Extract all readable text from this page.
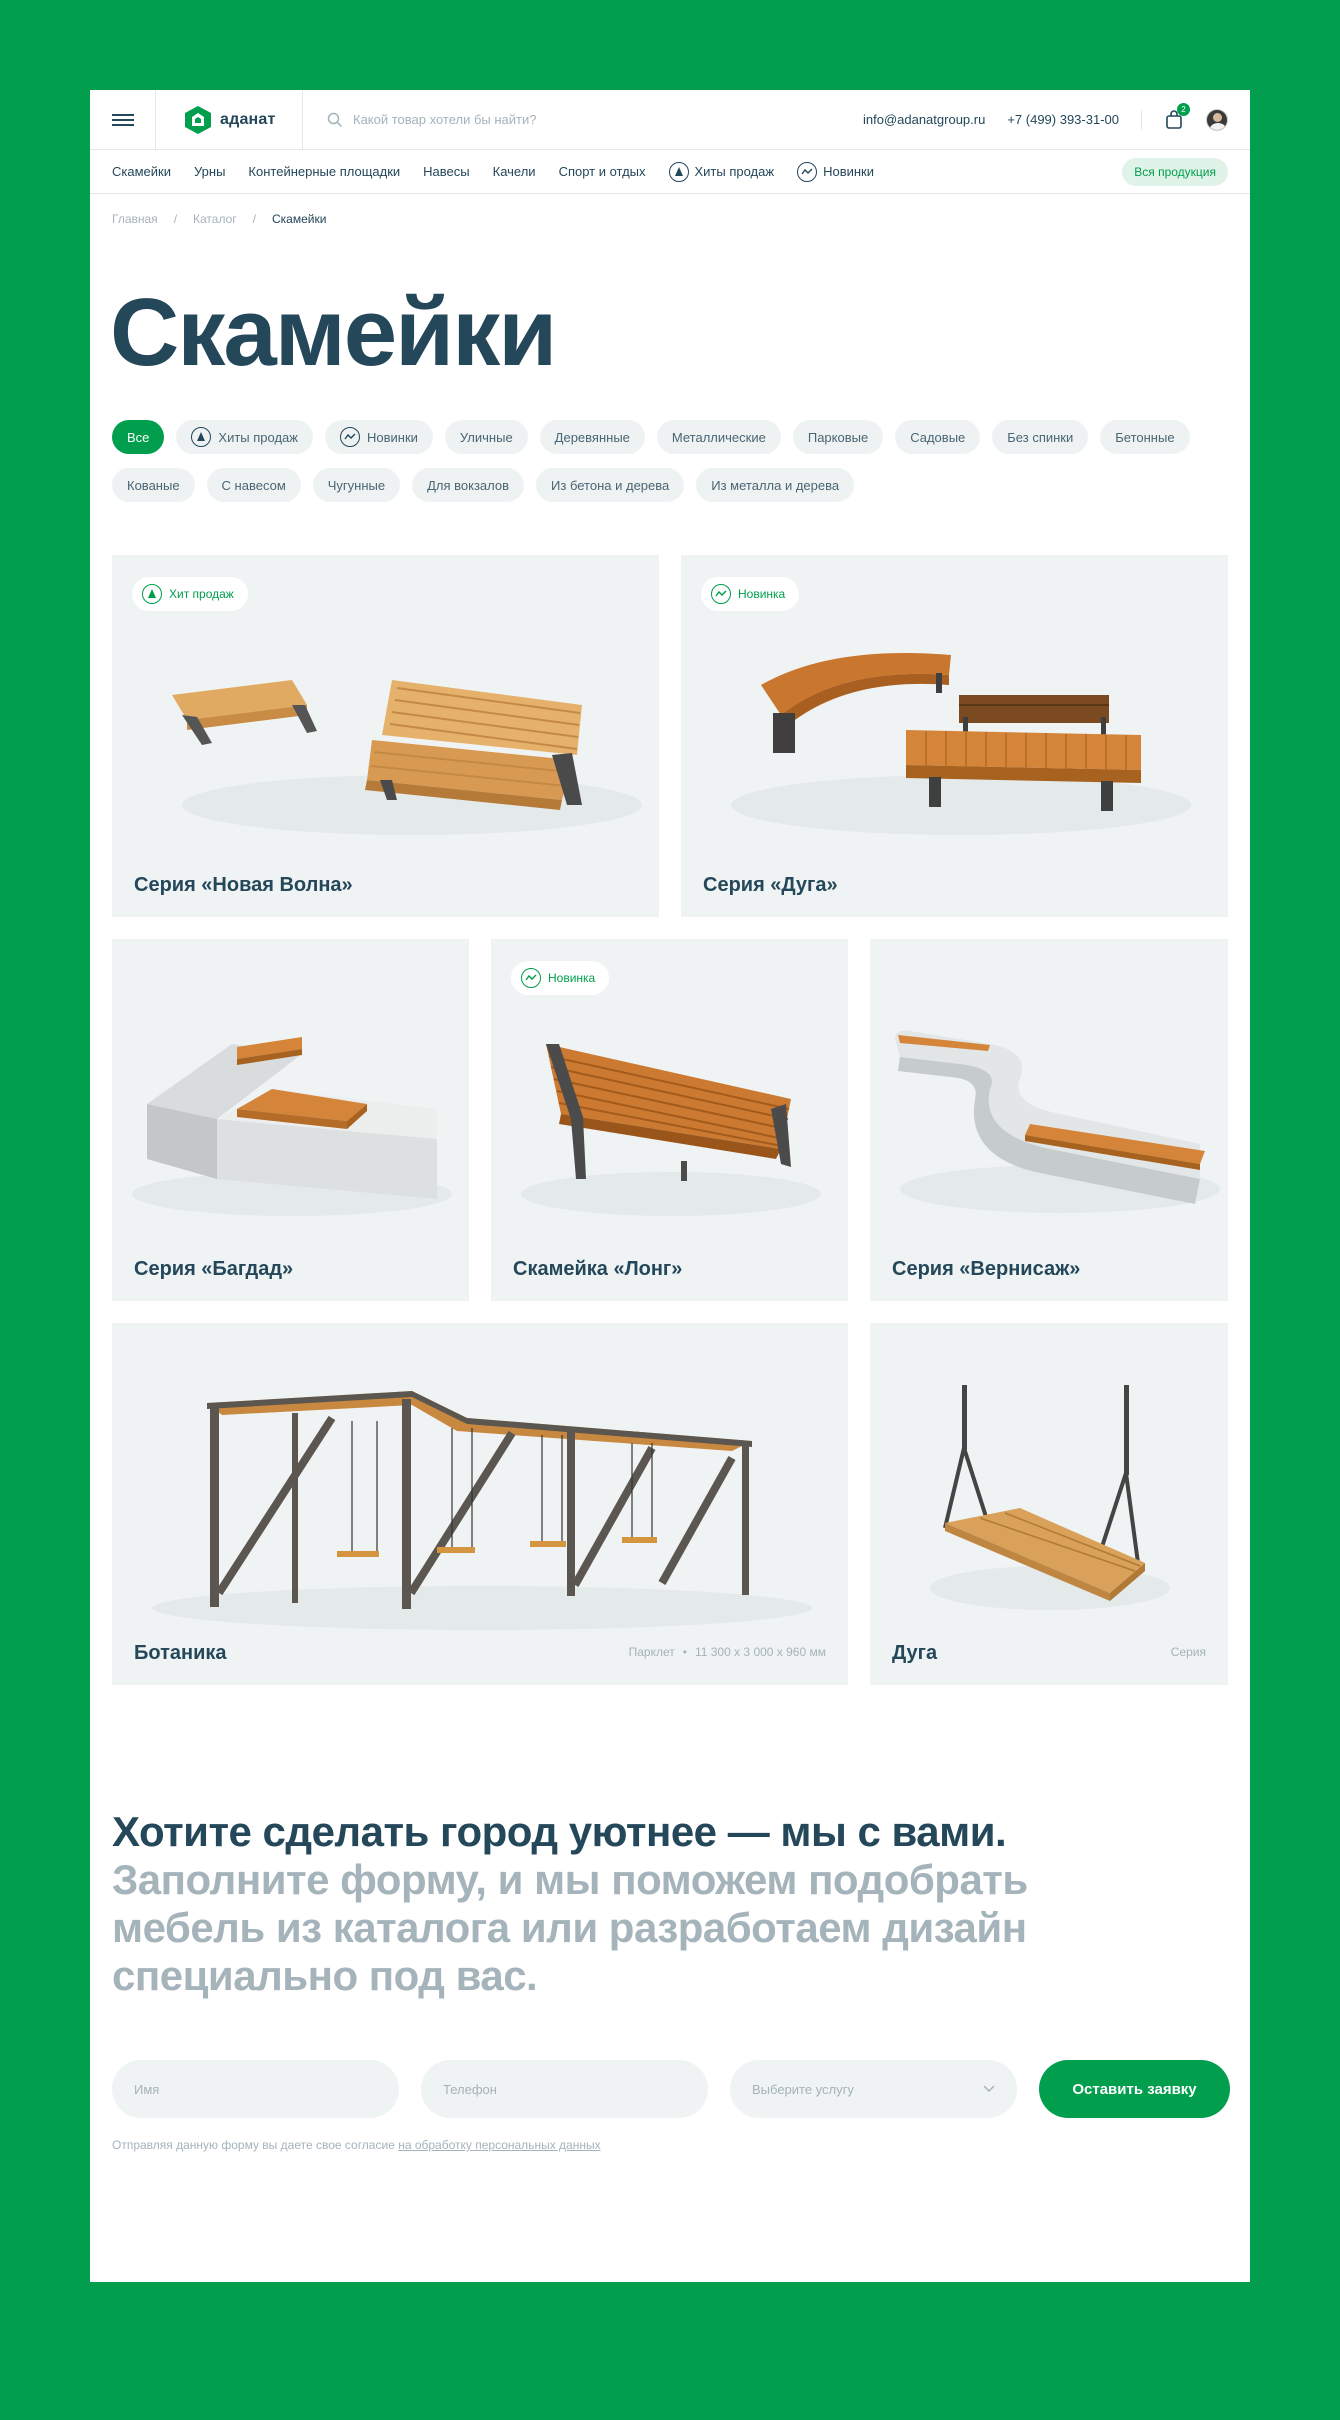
аданат
Какой товар хотели бы найти?	info@adanatgroup.ru +7 (499) 393-31-00
2
Скамейки Урны Контейнерные площадки Навесы Качели Спорт и отдых	Хиты продаж	Новинки	Вся продукция
Главная / Каталог / Скамейки
Скамейки
Все	Хиты продаж	Новинки	Уличные	Деревянные	Металлические	Парковые	Садовые	Без спинки	Бетонные
Кованые	С навесом	Чугунные	Для вокзалов	Из бетона и дерева	Из металла и дерева
Хит продаж
Серия «Новая Волна»
Новинка
Серия «Дуга»
Серия «Багдад»
Новинка
Скамейка «Лонг»	Серия «Вернисаж»
Ботаника	Парклет • 11 300 x 3 000 x 960 мм	Дуга	Серия
Хотите сделать город уютнее — мы с вами.
Заполните форму, и мы поможем подобрать мебель из каталога или разработаем дизайн специально под вас.
Имя
Телефон
Выберите услугу	Оставить заявку
Отправляя данную форму вы даете свое согласие на обработку персональных данных
